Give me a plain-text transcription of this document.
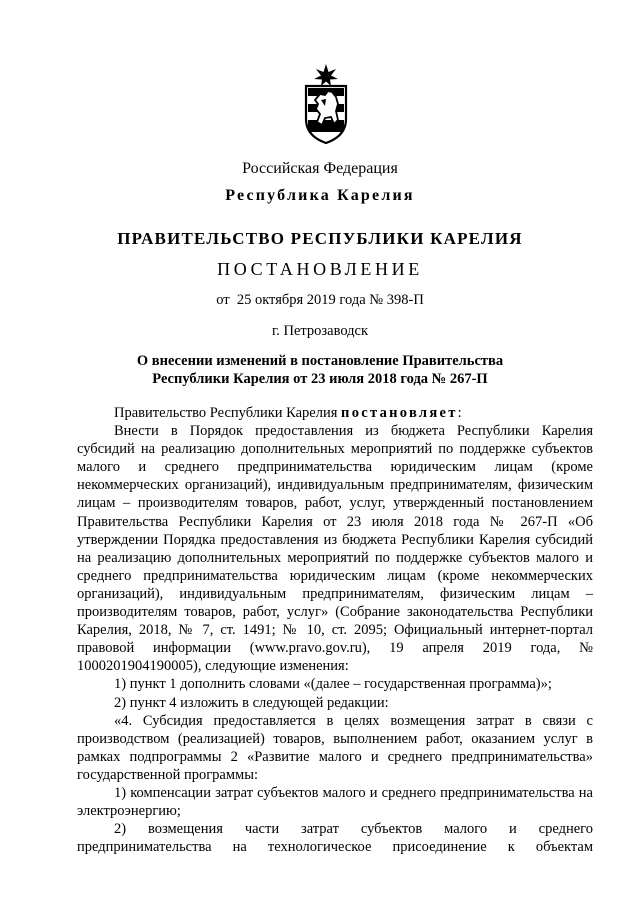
Российская Федерация
Республика Карелия
ПРАВИТЕЛЬСТВО РЕСПУБЛИКИ КАРЕЛИЯ
ПОСТАНОВЛЕНИЕ
от  25 октября 2019 года № 398-П
г. Петрозаводск
О внесении изменений в постановление Правительства
Республики Карелия от 23 июля 2018 года № 267-П

Правительство Республики Карелия постановляет:

Внести в Порядок предоставления из бюджета Республики Карелия субсидий на реализацию дополнительных мероприятий по поддержке субъектов малого и среднего предпринимательства юридическим лицам (кроме некоммерческих организаций), индивидуальным предпринимателям, физическим лицам – производителям товаров, работ, услуг, утвержденный постановлением Правительства Республики Карелия от 23 июля 2018 года № 267-П «Об утверждении Порядка предоставления из бюджета Республики Карелия субсидий на реализацию дополнительных мероприятий по поддержке субъектов малого и среднего предпринимательства юридическим лицам (кроме некоммерческих организаций), индивидуальным предпринимателям, физическим лицам – производителям товаров, работ, услуг» (Собрание законодательства Республики Карелия, 2018, № 7, ст. 1491; № 10, ст. 2095; Официальный интернет-портал правовой информации (www.pravo.gov.ru), 19 апреля 2019 года, № 1000201904190005), следующие изменения:

1) пункт 1 дополнить словами «(далее – государственная программа)»;

2) пункт 4 изложить в следующей редакции:

«4. Субсидия предоставляется в целях возмещения затрат в связи с производством (реализацией) товаров, выполнением работ, оказанием услуг в рамках подпрограммы 2 «Развитие малого и среднего предпринимательства» государственной программы:

1) компенсации затрат субъектов малого и среднего предпринимательства на электроэнергию;

2) возмещения части затрат субъектов малого и среднего предпринимательства на технологическое присоединение к объектам
